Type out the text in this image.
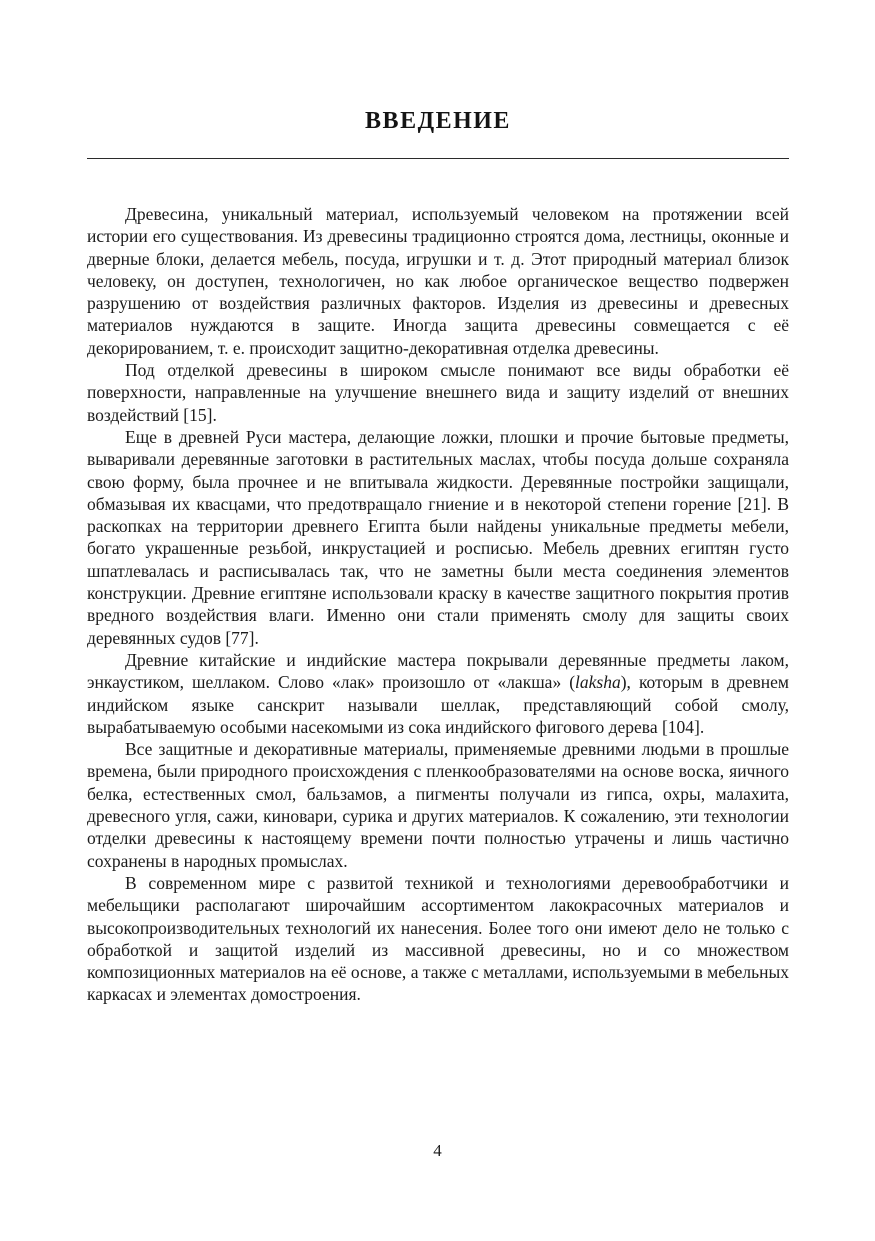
ВВЕДЕНИЕ

Древесина, уникальный материал, используемый человеком на протяжении всей истории его существования. Из древесины традиционно строятся дома, лестницы, оконные и дверные блоки, делается мебель, посуда, игрушки и т. д. Этот природный материал близок человеку, он доступен, технологичен, но как любое органическое вещество подвержен разрушению от воздействия различных факторов. Изделия из древесины и древесных материалов нуждаются в защите. Иногда защита древесины совмещается с её декорированием, т. е. происходит защитно-декоративная отделка древесины.

Под отделкой древесины в широком смысле понимают все виды обработки её поверхности, направленные на улучшение внешнего вида и защиту изделий от внешних воздействий [15].

Еще в древней Руси мастера, делающие ложки, плошки и прочие бытовые предметы, вываривали деревянные заготовки в растительных маслах, чтобы посуда дольше сохраняла свою форму, была прочнее и не впитывала жидкости. Деревянные постройки защищали, обмазывая их квасцами, что предотвращало гниение и в некоторой степени горение [21]. В раскопках на территории древнего Египта были найдены уникальные предметы мебели, богато украшенные резьбой, инкрустацией и росписью. Мебель древних египтян густо шпатлевалась и расписывалась так, что не заметны были места соединения элементов конструкции. Древние египтяне использовали краску в качестве защитного покрытия против вредного воздействия влаги. Именно они стали применять смолу для защиты своих деревянных судов [77].

Древние китайские и индийские мастера покрывали деревянные предметы лаком, энкаустиком, шеллаком. Слово «лак» произошло от «лакша» (laksha), которым в древнем индийском языке санскрит называли шеллак, представляющий собой смолу, вырабатываемую особыми насекомыми из сока индийского фигового дерева [104].

Все защитные и декоративные материалы, применяемые древними людьми в прошлые времена, были природного происхождения с пленкообразователями на основе воска, яичного белка, естественных смол, бальзамов, а пигменты получали из гипса, охры, малахита, древесного угля, сажи, киновари, сурика и других материалов. К сожалению, эти технологии отделки древесины к настоящему времени почти полностью утрачены и лишь частично сохранены в народных промыслах.

В современном мире с развитой техникой и технологиями деревообработчики и мебельщики располагают широчайшим ассортиментом лакокрасочных материалов и высокопроизводительных технологий их нанесения. Более того они имеют дело не только с обработкой и защитой изделий из массивной древесины, но и со множеством композиционных материалов на её основе, а также с металлами, используемыми в мебельных каркасах и элементах домостроения.

4
